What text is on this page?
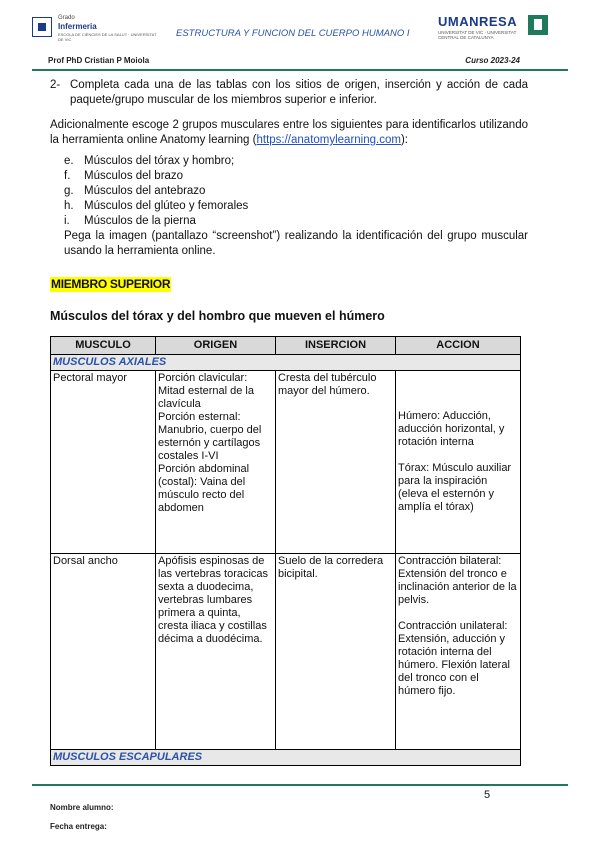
Grado
Infermeria
ESCOLA DE CIÈNCIES DE LA SALUT · UNIVERSITAT DE VIC
ESTRUCTURA Y FUNCION DEL CUERPO HUMANO I
UMANRESA
UNIVERSITAT DE VIC · UNIVERSITAT CENTRAL DE CATALUNYA
Prof PhD Cristian P Moiola	Curso 2023-24
2- Completa cada una de las tablas con los sitios de origen, inserción y acción de cada paquete/grupo muscular de los miembros superior e inferior.
Adicionalmente escoge 2 grupos musculares entre los siguientes para identificarlos utilizando la herramienta online Anatomy learning (https://anatomylearning.com):
e. Músculos del tórax y hombro;
f. Músculos del brazo
g. Músculos del antebrazo
h. Músculos del glúteo y femorales
i. Músculos de la pierna
Pega la imagen (pantallazo “screenshot”) realizando la identificación del grupo muscular usando la herramienta online.
MIEMBRO SUPERIOR
Músculos del tórax y del hombro que mueven el húmero
MUSCULO	ORIGEN	INSERCION	ACCION
MUSCULOS AXIALES			
Pectoral mayor	Porción clavicular: Mitad esternal de la clavícula
Porción esternal: Manubrio, cuerpo del esternón y cartílagos costales I-VI
Porción abdominal (costal): Vaina del músculo recto del abdomen	Cresta del tubérculo mayor del húmero.	Húmero: Aducción, aducción horizontal, y rotación interna
Tórax: Músculo auxiliar para la inspiración (eleva el esternón y amplía el tórax)

Dorsal ancho	Apófisis espinosas de las vertebras toracicas sexta a duodecima, vertebras lumbares primera a quinta, cresta iliaca y costillas décima a duodécima.	Suelo de la corredera bicipital.	Contracción bilateral: Extensión del tronco e inclinación anterior de la pelvis.
Contracción unilateral: Extensión, aducción y rotación interna del húmero. Flexión lateral del tronco con el húmero fijo.

MUSCULOS ESCAPULARES			
5
Nombre alumno:
Fecha entrega:
